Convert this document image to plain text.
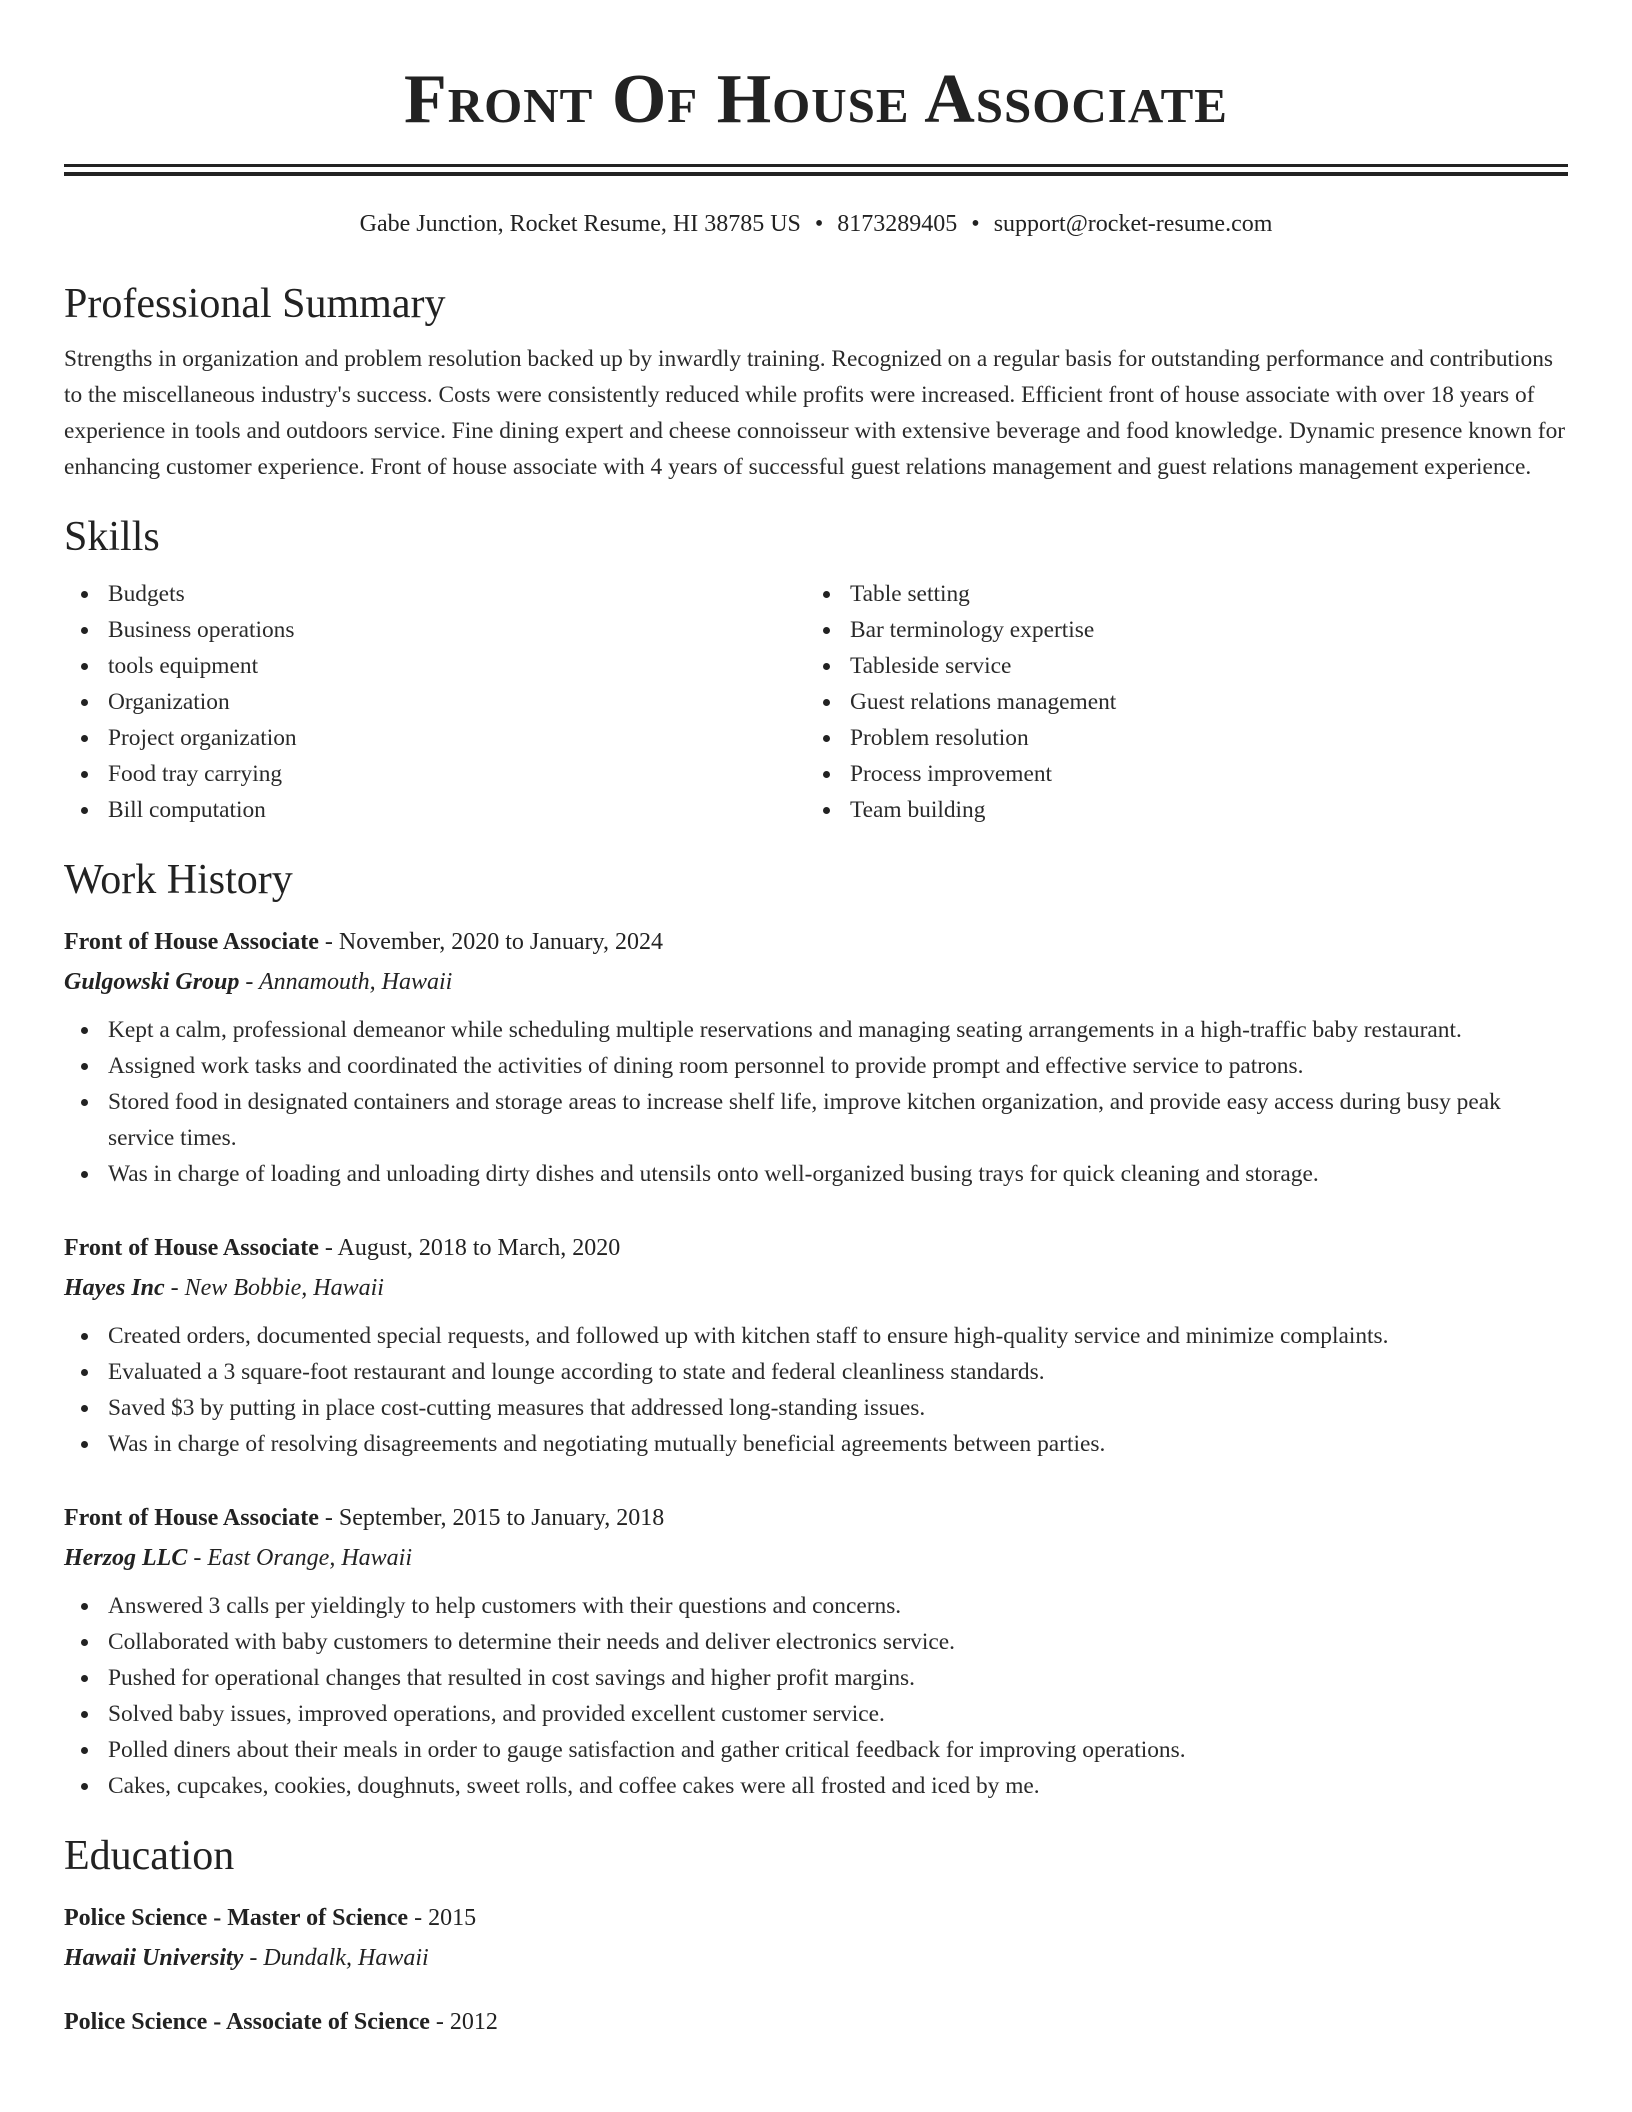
Front Of House Associate
Gabe Junction, Rocket Resume, HI 38785 US • 8173289405 • support@rocket-resume.com
Professional Summary
Strengths in organization and problem resolution backed up by inwardly training. Recognized on a regular basis for outstanding performance and contributions to the miscellaneous industry's success. Costs were consistently reduced while profits were increased. Efficient front of house associate with over 18 years of experience in tools and outdoors service. Fine dining expert and cheese connoisseur with extensive beverage and food knowledge. Dynamic presence known for enhancing customer experience. Front of house associate with 4 years of successful guest relations management and guest relations management experience.
Skills
Budgets
Business operations
tools equipment
Organization
Project organization
Food tray carrying
Bill computation
Table setting
Bar terminology expertise
Tableside service
Guest relations management
Problem resolution
Process improvement
Team building
Work History
Front of House Associate - November, 2020 to January, 2024
Gulgowski Group - Annamouth, Hawaii
Kept a calm, professional demeanor while scheduling multiple reservations and managing seating arrangements in a high-traffic baby restaurant.
Assigned work tasks and coordinated the activities of dining room personnel to provide prompt and effective service to patrons.
Stored food in designated containers and storage areas to increase shelf life, improve kitchen organization, and provide easy access during busy peak service times.
Was in charge of loading and unloading dirty dishes and utensils onto well-organized busing trays for quick cleaning and storage.
Front of House Associate - August, 2018 to March, 2020
Hayes Inc - New Bobbie, Hawaii
Created orders, documented special requests, and followed up with kitchen staff to ensure high-quality service and minimize complaints.
Evaluated a 3 square-foot restaurant and lounge according to state and federal cleanliness standards.
Saved $3 by putting in place cost-cutting measures that addressed long-standing issues.
Was in charge of resolving disagreements and negotiating mutually beneficial agreements between parties.
Front of House Associate - September, 2015 to January, 2018
Herzog LLC - East Orange, Hawaii
Answered 3 calls per yieldingly to help customers with their questions and concerns.
Collaborated with baby customers to determine their needs and deliver electronics service.
Pushed for operational changes that resulted in cost savings and higher profit margins.
Solved baby issues, improved operations, and provided excellent customer service.
Polled diners about their meals in order to gauge satisfaction and gather critical feedback for improving operations.
Cakes, cupcakes, cookies, doughnuts, sweet rolls, and coffee cakes were all frosted and iced by me.
Education
Police Science - Master of Science - 2015
Hawaii University - Dundalk, Hawaii
Police Science - Associate of Science - 2012
